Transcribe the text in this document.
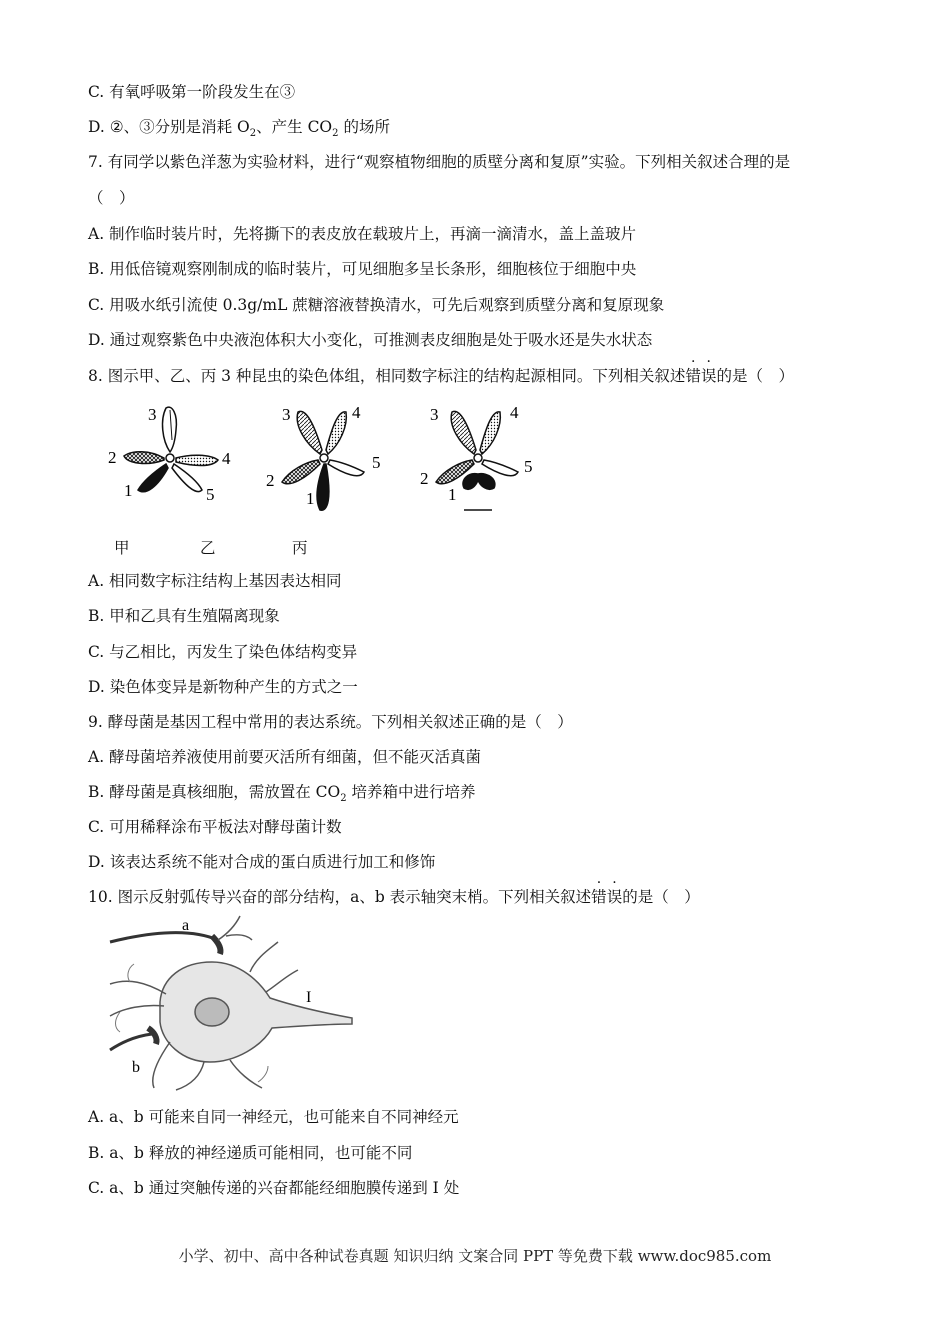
C. 有氧呼吸第一阶段发生在③
D. ②、③分别是消耗 $O_2$、产生 $CO_2$ 的场所
7. 有同学以紫色洋葱为实验材料，进行“观察植物细胞的质壁分离和复原”实验。下列相关叙述合理的是
（　）
A. 制作临时装片时，先将撕下的表皮放在载玻片上，再滴一滴清水，盖上盖玻片
B. 用低倍镜观察刚制成的临时装片，可见细胞多呈长条形，细胞核位于细胞中央
C. 用吸水纸引流使 0.3g/mL 蔗糖溶液替换清水，可先后观察到质壁分离和复原现象
D. 通过观察紫色中央液泡体积大小变化，可推测表皮细胞是处于吸水还是失水状态
8. 图示甲、乙、丙 3 种昆虫的染色体组，相同数字标注的结构起源相同。下列相关叙述错误的是（　）
3
2	4
1	5
3	4
2
5
1
3	4
2
5
1
甲	乙	丙
A. 相同数字标注结构上基因表达相同
B. 甲和乙具有生殖隔离现象
C. 与乙相比，丙发生了染色体结构变异
D. 染色体变异是新物种产生的方式之一
9. 酵母菌是基因工程中常用的表达系统。下列相关叙述正确的是（　）
A. 酵母菌培养液使用前要灭活所有细菌，但不能灭活真菌
B. 酵母菌是真核细胞，需放置在 $CO_2$ 培养箱中进行培养
C. 可用稀释涂布平板法对酵母菌计数
D. 该表达系统不能对合成的蛋白质进行加工和修饰
10. 图示反射弧传导兴奋的部分结构，a、b 表示轴突末梢。下列相关叙述错误的是（　）
a
b
I
A. a、b 可能来自同一神经元，也可能来自不同神经元
B. a、b 释放的神经递质可能相同，也可能不同
C. a、b 通过突触传递的兴奋都能经细胞膜传递到 I 处
小学、初中、高中各种试卷真题 知识归纳 文案合同 PPT 等免费下载 www.doc985.com
